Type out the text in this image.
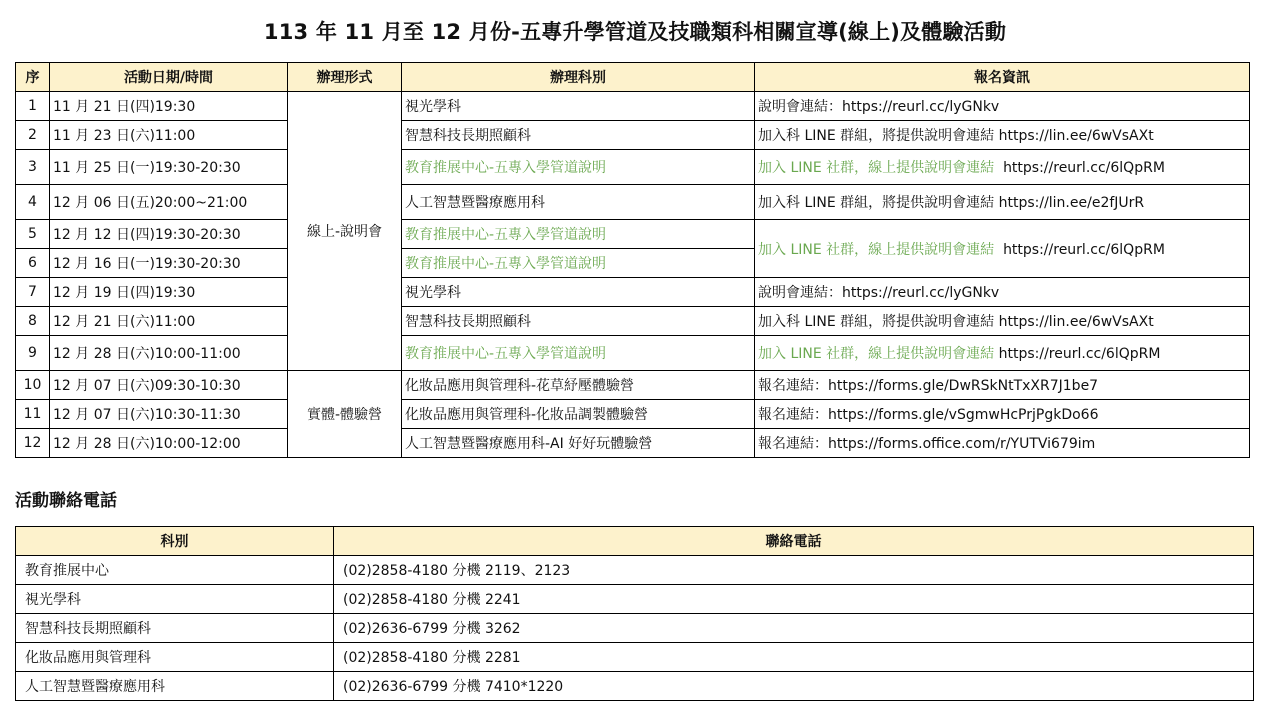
113 年 11 月至 12 月份-五專升學管道及技職類科相關宣導(線上)及體驗活動
序	活動日期/時間	辦理形式	辦理科別	報名資訊
1	11 月 21 日(四)19:30	線上-說明會	視光學科	說明會連結：https://reurl.cc/lyGNkv
2	11 月 23 日(六)11:00		智慧科技長期照顧科	加入科 LINE 群組，將提供說明會連結 https://lin.ee/6wVsAXt
3	11 月 25 日(一)19:30-20:30		教育推展中心-五專入學管道說明	加入 LINE 社群，線上提供說明會連結 https://reurl.cc/6lQpRM
4	12 月 06 日(五)20:00~21:00		人工智慧暨醫療應用科	加入科 LINE 群組，將提供說明會連結 https://lin.ee/e2fJUrR
5	12 月 12 日(四)19:30-20:30		教育推展中心-五專入學管道說明	加入 LINE 社群，線上提供說明會連結 https://reurl.cc/6lQpRM
6	12 月 16 日(一)19:30-20:30		教育推展中心-五專入學管道說明	
7	12 月 19 日(四)19:30		視光學科	說明會連結：https://reurl.cc/lyGNkv
8	12 月 21 日(六)11:00		智慧科技長期照顧科	加入科 LINE 群組，將提供說明會連結 https://lin.ee/6wVsAXt
9	12 月 28 日(六)10:00-11:00		教育推展中心-五專入學管道說明	加入 LINE 社群，線上提供說明會連結 https://reurl.cc/6lQpRM
10	12 月 07 日(六)09:30-10:30	實體-體驗營	化妝品應用與管理科-花草紓壓體驗營	報名連結：https://forms.gle/DwRSkNtTxXR7J1be7
11	12 月 07 日(六)10:30-11:30		化妝品應用與管理科-化妝品調製體驗營	報名連結：https://forms.gle/vSgmwHcPrjPgkDo66
12	12 月 28 日(六)10:00-12:00		人工智慧暨醫療應用科-AI 好好玩體驗營	報名連結：https://forms.office.com/r/YUTVi679im
活動聯絡電話
科別	聯絡電話
教育推展中心	(02)2858-4180 分機 2119、2123
視光學科	(02)2858-4180 分機 2241
智慧科技長期照顧科	(02)2636-6799 分機 3262
化妝品應用與管理科	(02)2858-4180 分機 2281
人工智慧暨醫療應用科	(02)2636-6799 分機 7410*1220
